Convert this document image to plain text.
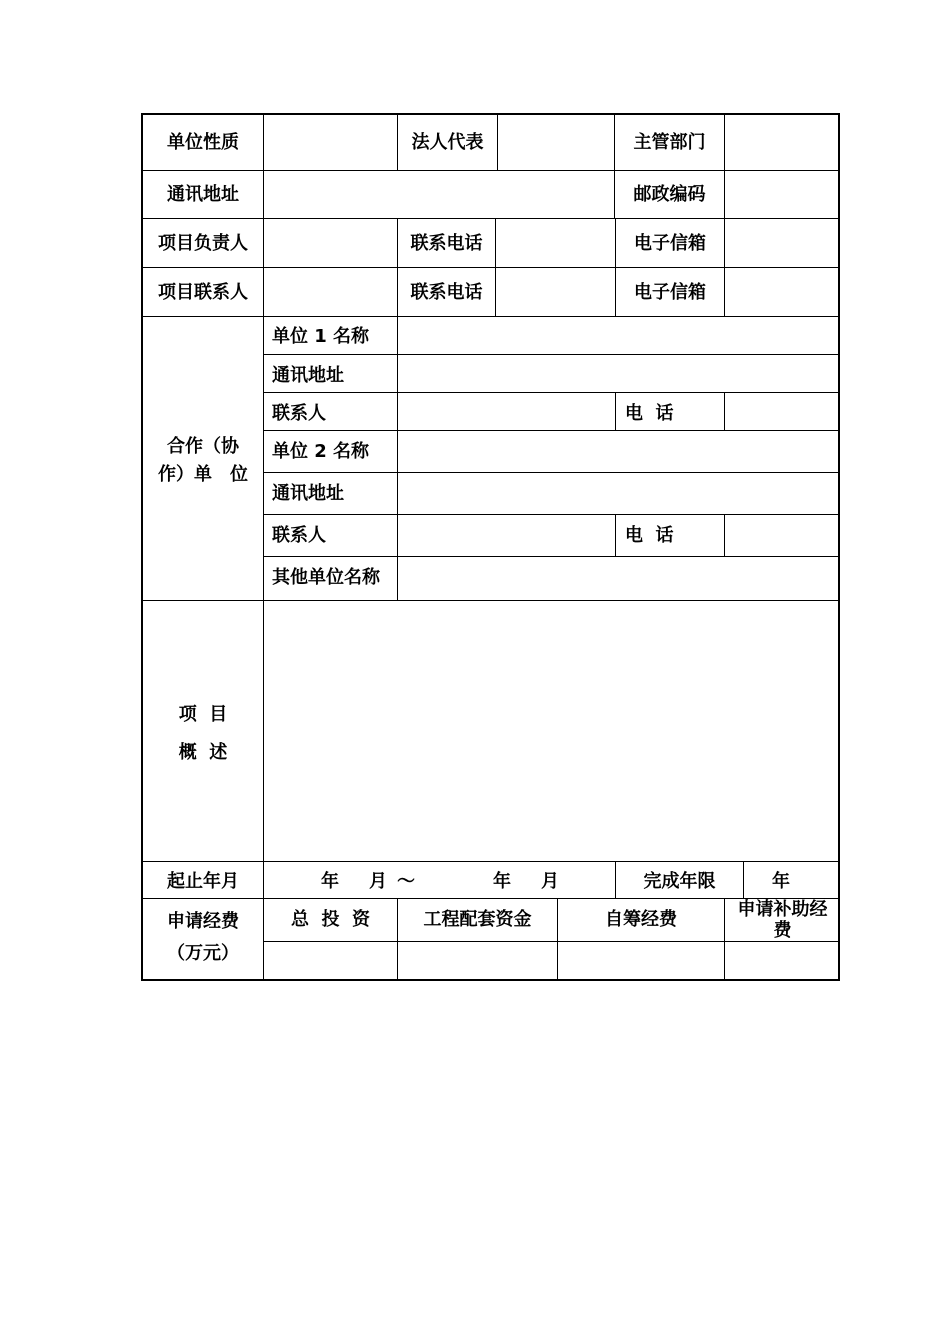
单位性质	法人代表	主管部门
通讯地址	邮政编码
项目负责人	联系电话	电子信箱
项目联系人	联系电话	电子信箱
合作（协
作）单　位
单位 1 名称
通讯地址
联系人	电  话
单位 2 名称
通讯地址
联系人	电  话
其他单位名称
项  目
概  述
起止年月	年 月 ～	年 月	完成年限	年
申请经费
（万元）
总  投  资	工程配套资金	自筹经费	申请补助经
费
